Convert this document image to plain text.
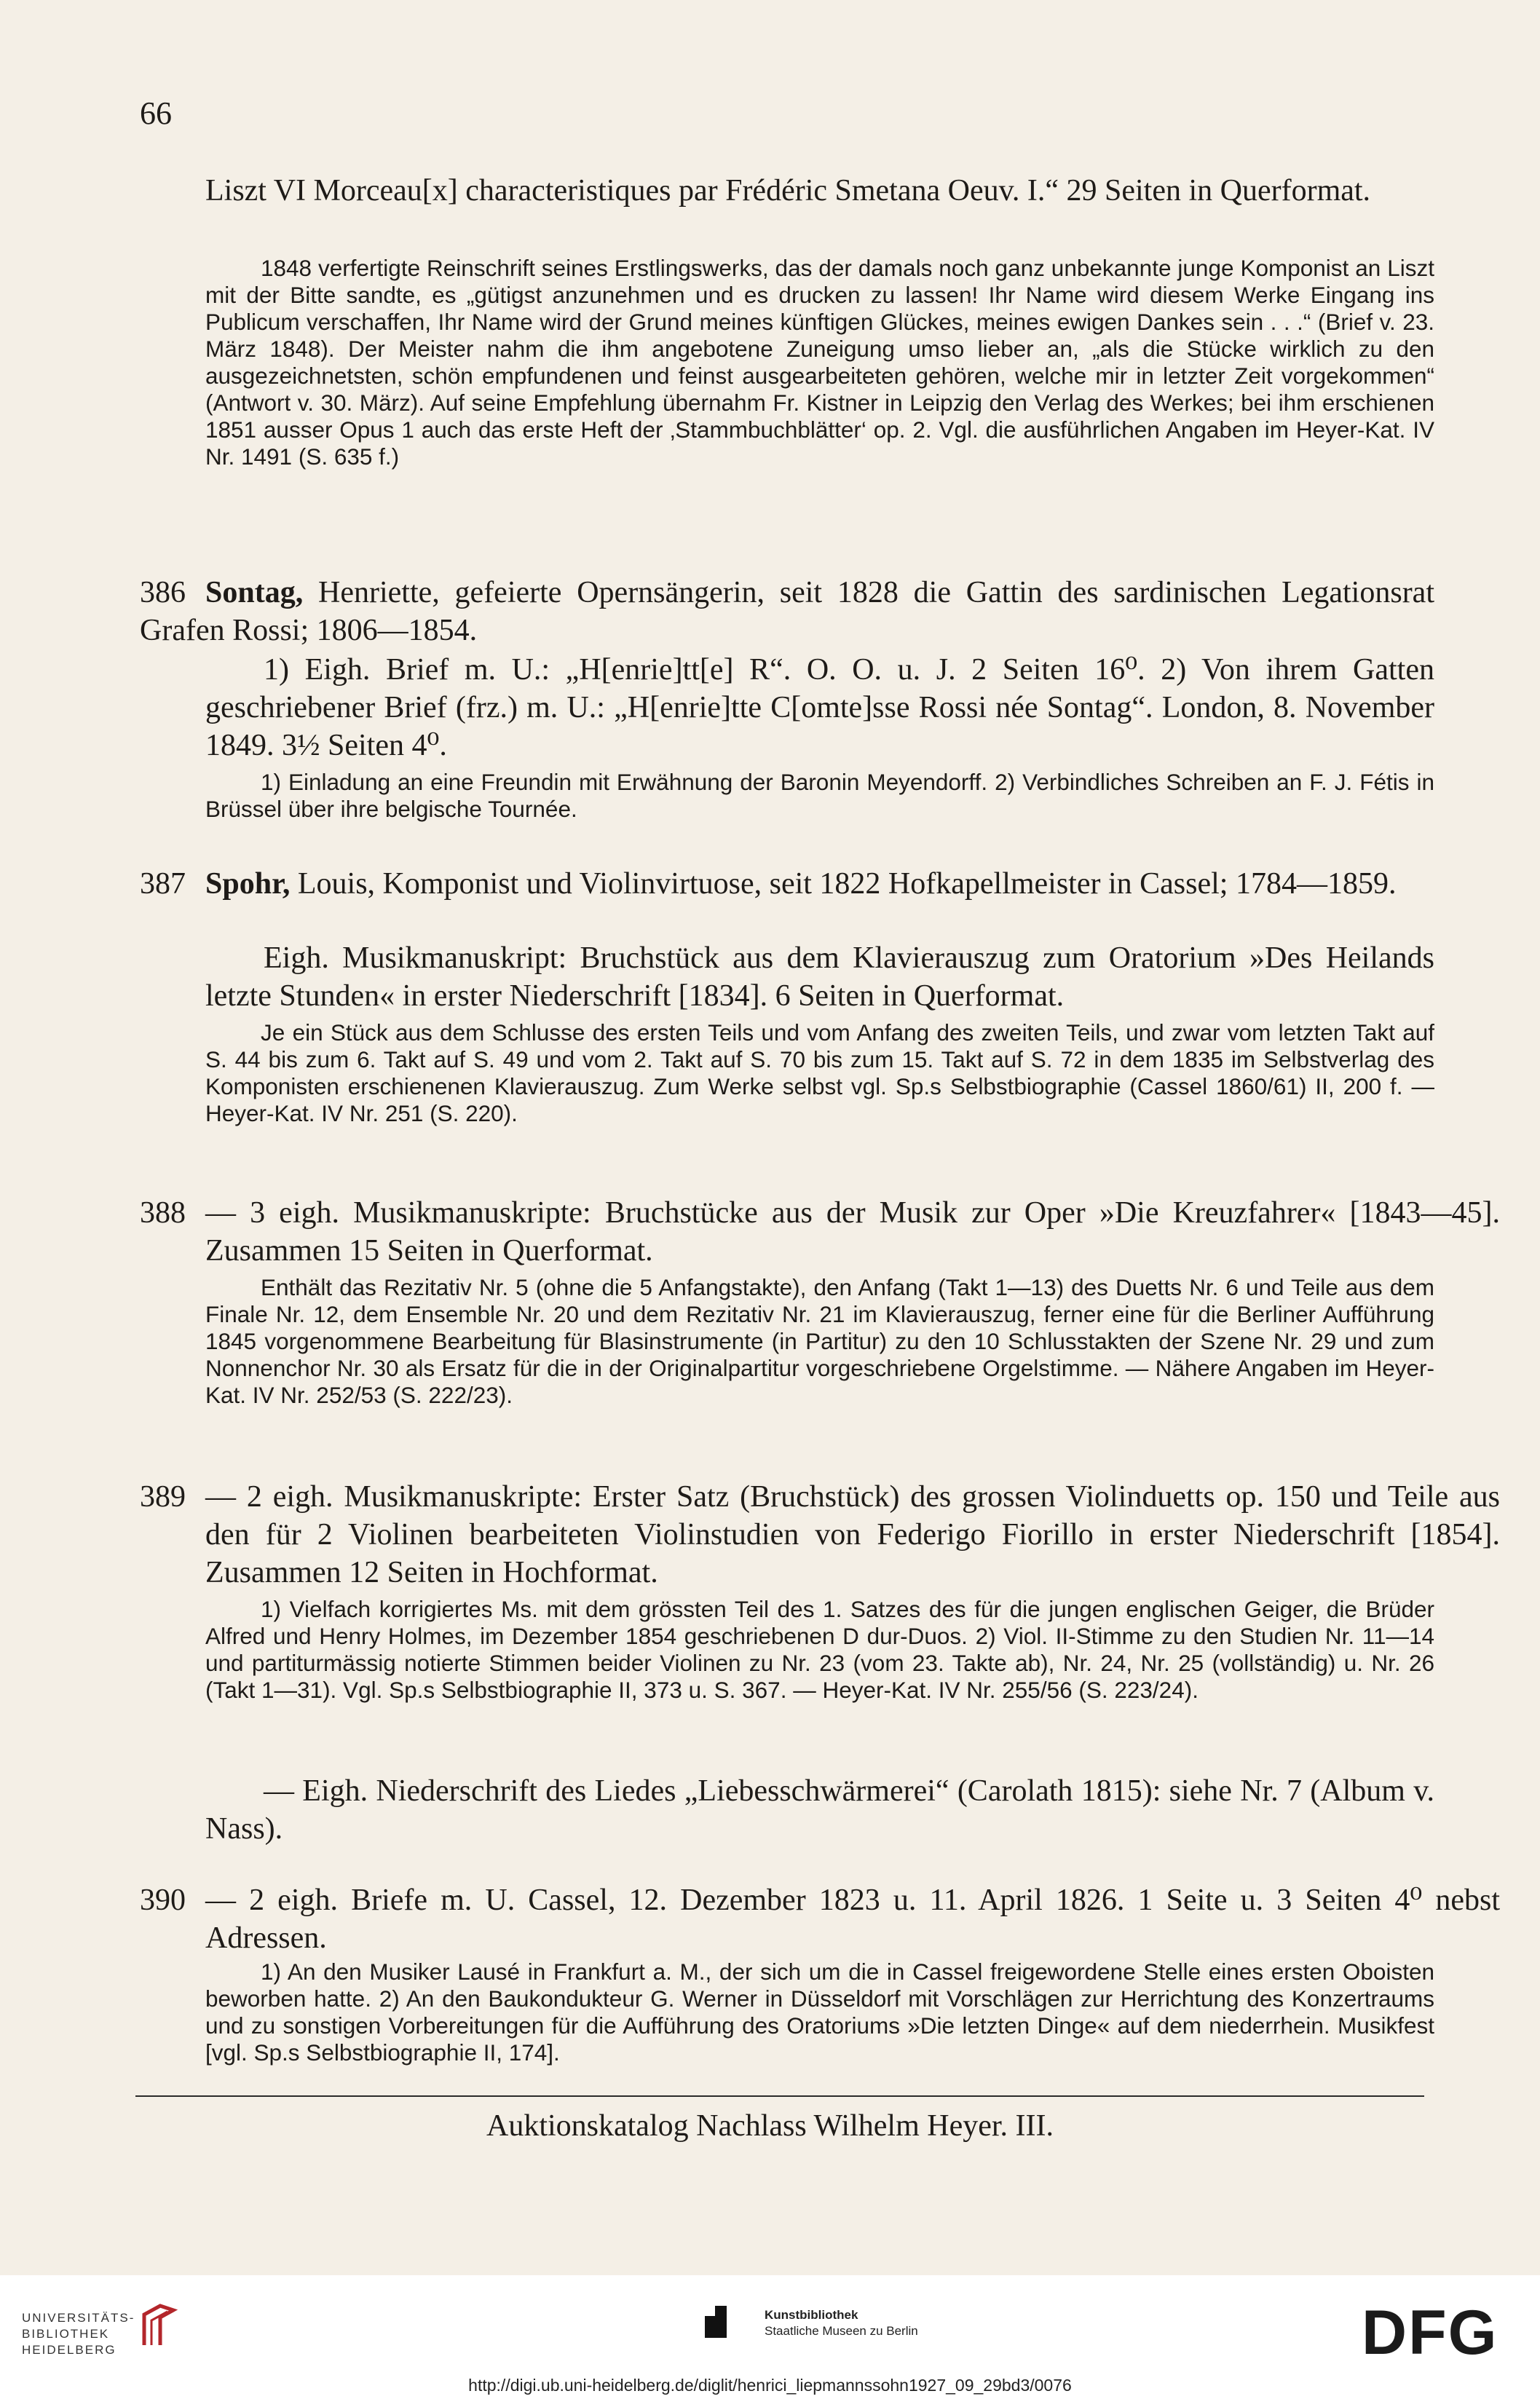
66
Liszt VI Morceau[x] characteristiques par Frédéric Smetana Oeuv. I.“ 29 Seiten in Querformat.
1848 verfertigte Reinschrift seines Erstlingswerks, das der damals noch ganz unbekannte junge Komponist an Liszt mit der Bitte sandte, es „gütigst anzunehmen und es drucken zu lassen! Ihr Name wird diesem Werke Eingang ins Publicum verschaffen, Ihr Name wird der Grund meines künftigen Glückes, meines ewigen Dankes sein . . .“ (Brief v. 23. März 1848). Der Meister nahm die ihm angebotene Zuneigung umso lieber an, „als die Stücke wirklich zu den ausgezeichnetsten, schön empfundenen und feinst ausgearbeiteten gehören, welche mir in letzter Zeit vorgekommen“ (Antwort v. 30. März). Auf seine Empfehlung übernahm Fr. Kistner in Leipzig den Verlag des Werkes; bei ihm erschienen 1851 ausser Opus 1 auch das erste Heft der ‚Stammbuchblätter‘ op. 2. Vgl. die ausführlichen Angaben im Heyer-Kat. IV Nr. 1491 (S. 635 f.)
386 Sontag, Henriette, gefeierte Opernsängerin, seit 1828 die Gattin des sardinischen Legationsrat Grafen Rossi; 1806—1854.
1) Eigh. Brief m. U.: „H[enrie]tt[e] R“. O. O. u. J. 2 Seiten 16⁰. 2) Von ihrem Gatten geschriebener Brief (frz.) m. U.: „H[enrie]tte C[omte]sse Rossi née Sontag“. London, 8. November 1849. 3½ Seiten 4⁰.
1) Einladung an eine Freundin mit Erwähnung der Baronin Meyendorff. 2) Verbindliches Schreiben an F. J. Fétis in Brüssel über ihre belgische Tournée.
387 Spohr, Louis, Komponist und Violinvirtuose, seit 1822 Hofkapellmeister in Cassel; 1784—1859.
Eigh. Musikmanuskript: Bruchstück aus dem Klavierauszug zum Oratorium »Des Heilands letzte Stunden« in erster Niederschrift [1834]. 6 Seiten in Querformat.
Je ein Stück aus dem Schlusse des ersten Teils und vom Anfang des zweiten Teils, und zwar vom letzten Takt auf S. 44 bis zum 6. Takt auf S. 49 und vom 2. Takt auf S. 70 bis zum 15. Takt auf S. 72 in dem 1835 im Selbstverlag des Komponisten erschienenen Klavierauszug. Zum Werke selbst vgl. Sp.s Selbstbiographie (Cassel 1860/61) II, 200 f. — Heyer-Kat. IV Nr. 251 (S. 220).
388 — 3 eigh. Musikmanuskripte: Bruchstücke aus der Musik zur Oper »Die Kreuzfahrer« [1843—45]. Zusammen 15 Seiten in Querformat.
Enthält das Rezitativ Nr. 5 (ohne die 5 Anfangstakte), den Anfang (Takt 1—13) des Duetts Nr. 6 und Teile aus dem Finale Nr. 12, dem Ensemble Nr. 20 und dem Rezitativ Nr. 21 im Klavierauszug, ferner eine für die Berliner Aufführung 1845 vorgenommene Bearbeitung für Blasinstrumente (in Partitur) zu den 10 Schlusstakten der Szene Nr. 29 und zum Nonnenchor Nr. 30 als Ersatz für die in der Originalpartitur vorgeschriebene Orgelstimme. — Nähere Angaben im Heyer-Kat. IV Nr. 252/53 (S. 222/23).
389 — 2 eigh. Musikmanuskripte: Erster Satz (Bruchstück) des grossen Violinduetts op. 150 und Teile aus den für 2 Violinen bearbeiteten Violinstudien von Federigo Fiorillo in erster Niederschrift [1854]. Zusammen 12 Seiten in Hochformat.
1) Vielfach korrigiertes Ms. mit dem grössten Teil des 1. Satzes des für die jungen englischen Geiger, die Brüder Alfred und Henry Holmes, im Dezember 1854 geschriebenen D dur-Duos. 2) Viol. II-Stimme zu den Studien Nr. 11—14 und partiturmässig notierte Stimmen beider Violinen zu Nr. 23 (vom 23. Takte ab), Nr. 24, Nr. 25 (vollständig) u. Nr. 26 (Takt 1—31). Vgl. Sp.s Selbstbiographie II, 373 u. S. 367. — Heyer-Kat. IV Nr. 255/56 (S. 223/24).
— Eigh. Niederschrift des Liedes „Liebesschwärmerei“ (Carolath 1815): siehe Nr. 7 (Album v. Nass).
390 — 2 eigh. Briefe m. U. Cassel, 12. Dezember 1823 u. 11. April 1826. 1 Seite u. 3 Seiten 4⁰ nebst Adressen.
1) An den Musiker Lausé in Frankfurt a. M., der sich um die in Cassel freigewordene Stelle eines ersten Oboisten beworben hatte. 2) An den Baukondukteur G. Werner in Düsseldorf mit Vorschlägen zur Herrichtung des Konzertraums und zu sonstigen Vorbereitungen für die Aufführung des Oratoriums »Die letzten Dinge« auf dem niederrhein. Musikfest [vgl. Sp.s Selbstbiographie II, 174].
Auktionskatalog Nachlass Wilhelm Heyer. III.
UNIVERSITÄTS-
BIBLIOTHEK
HEIDELBERG
Kunstbibliothek
Staatliche Museen zu Berlin	DFG
http://digi.ub.uni-heidelberg.de/diglit/henrici_liepmannssohn1927_09_29bd3/0076
